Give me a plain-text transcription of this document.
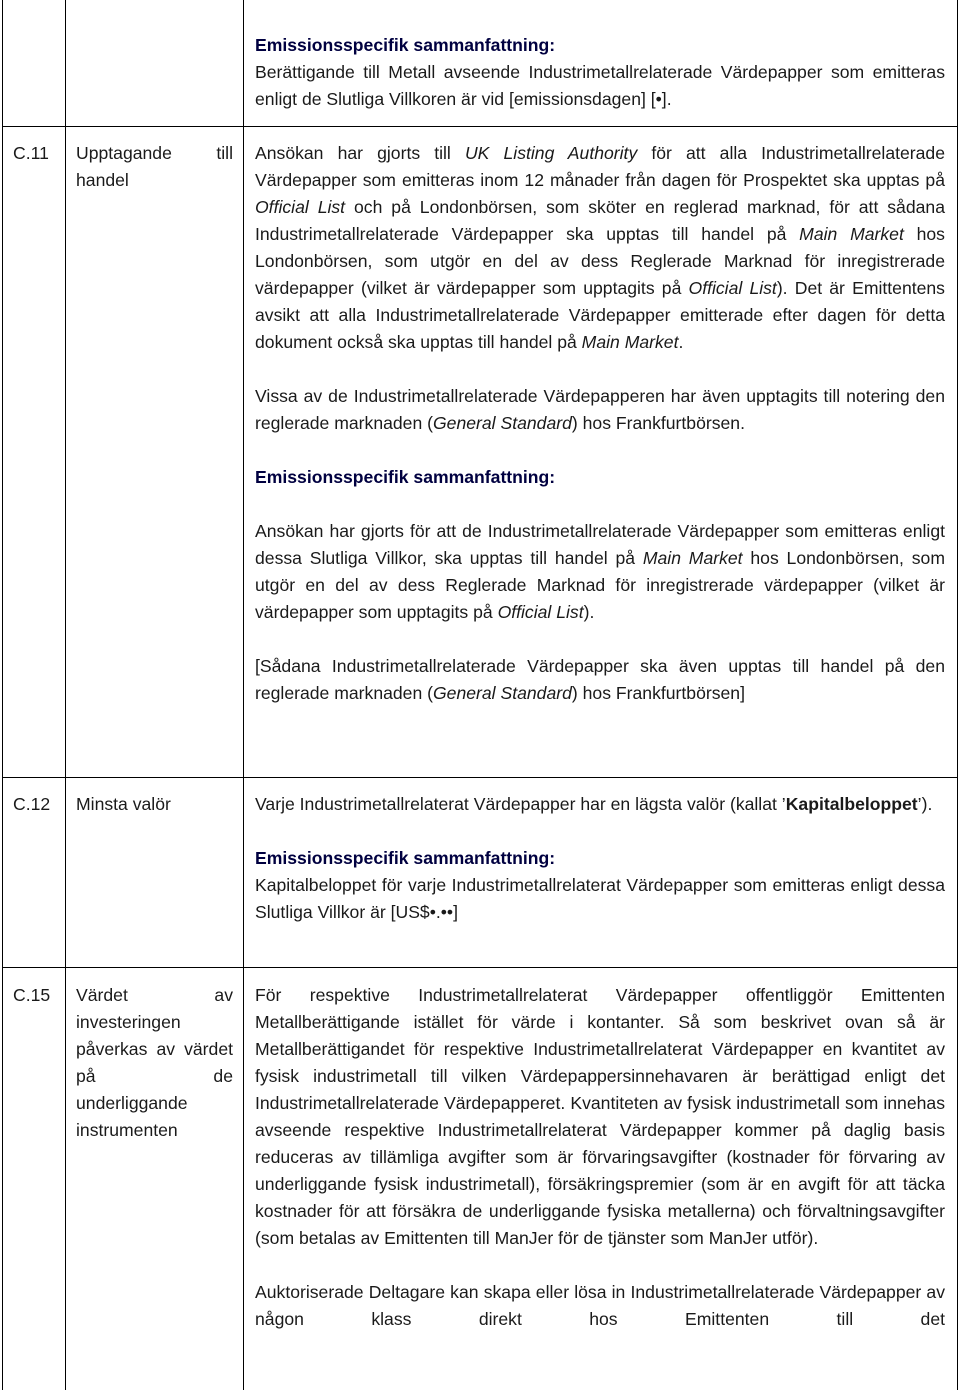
Emissionsspecifik sammanfattning:

Berättigande till Metall avseende Industrimetallrelaterade Värdepapper som emitteras enligt de Slutliga Villkoren är vid [emissionsdagen] [•].

C.11 Upptagande till handel

Ansökan har gjorts till UK Listing Authority för att alla Industrimetallrelaterade Värdepapper som emitteras inom 12 månader från dagen för Prospektet ska upptas på Official List och på Londonbörsen, som sköter en reglerad marknad, för att sådana Industrimetallrelaterade Värdepapper ska upptas till handel på Main Market hos Londonbörsen, som utgör en del av dess Reglerade Marknad för inregistrerade värdepapper (vilket är värdepapper som upptagits på Official List). Det är Emittentens avsikt att alla Industrimetallrelaterade Värdepapper emitterade efter dagen för detta dokument också ska upptas till handel på Main Market.

Vissa av de Industrimetallrelaterade Värdepapperen har även upptagits till notering den reglerade marknaden (General Standard) hos Frankfurtbörsen.

Emissionsspecifik sammanfattning:

Ansökan har gjorts för att de Industrimetallrelaterade Värdepapper som emitteras enligt dessa Slutliga Villkor, ska upptas till handel på Main Market hos Londonbörsen, som utgör en del av dess Reglerade Marknad för inregistrerade värdepapper (vilket är värdepapper som upptagits på Official List).

[Sådana Industrimetallrelaterade Värdepapper ska även upptas till handel på den reglerade marknaden (General Standard) hos Frankfurtbörsen]

C.12 Minsta valör	Varje Industrimetallrelaterat Värdepapper har en lägsta valör (kallat ’Kapitalbeloppet’).

Emissionsspecifik sammanfattning:

Kapitalbeloppet för varje Industrimetallrelaterat Värdepapper som emitteras enligt dessa Slutliga Villkor är [US$•.••]

C.15 Värdet av investeringen påverkas av värdet på de underliggande instrumenten

För respektive Industrimetallrelaterat Värdepapper offentliggör Emittenten Metallberättigande istället för värde i kontanter. Så som beskrivet ovan så är Metallberättigandet för respektive Industrimetallrelaterat Värdepapper en kvantitet av fysisk industrimetall till vilken Värdepappersinnehavaren är berättigad enligt det Industrimetallrelaterade Värdepapperet. Kvantiteten av fysisk industrimetall som innehas avseende respektive Industrimetallrelaterat Värdepapper kommer på daglig basis reduceras av tillämliga avgifter som är förvaringsavgifter (kostnader för förvaring av underliggande fysisk industrimetall), försäkringspremier (som är en avgift för att täcka kostnader för att försäkra de underliggande fysiska metallerna) och förvaltningsavgifter (som betalas av Emittenten till ManJer för de tjänster som ManJer utför).

Auktoriserade Deltagare kan skapa eller lösa in Industrimetallrelaterade Värdepapper av någon klass direkt hos Emittenten till det
